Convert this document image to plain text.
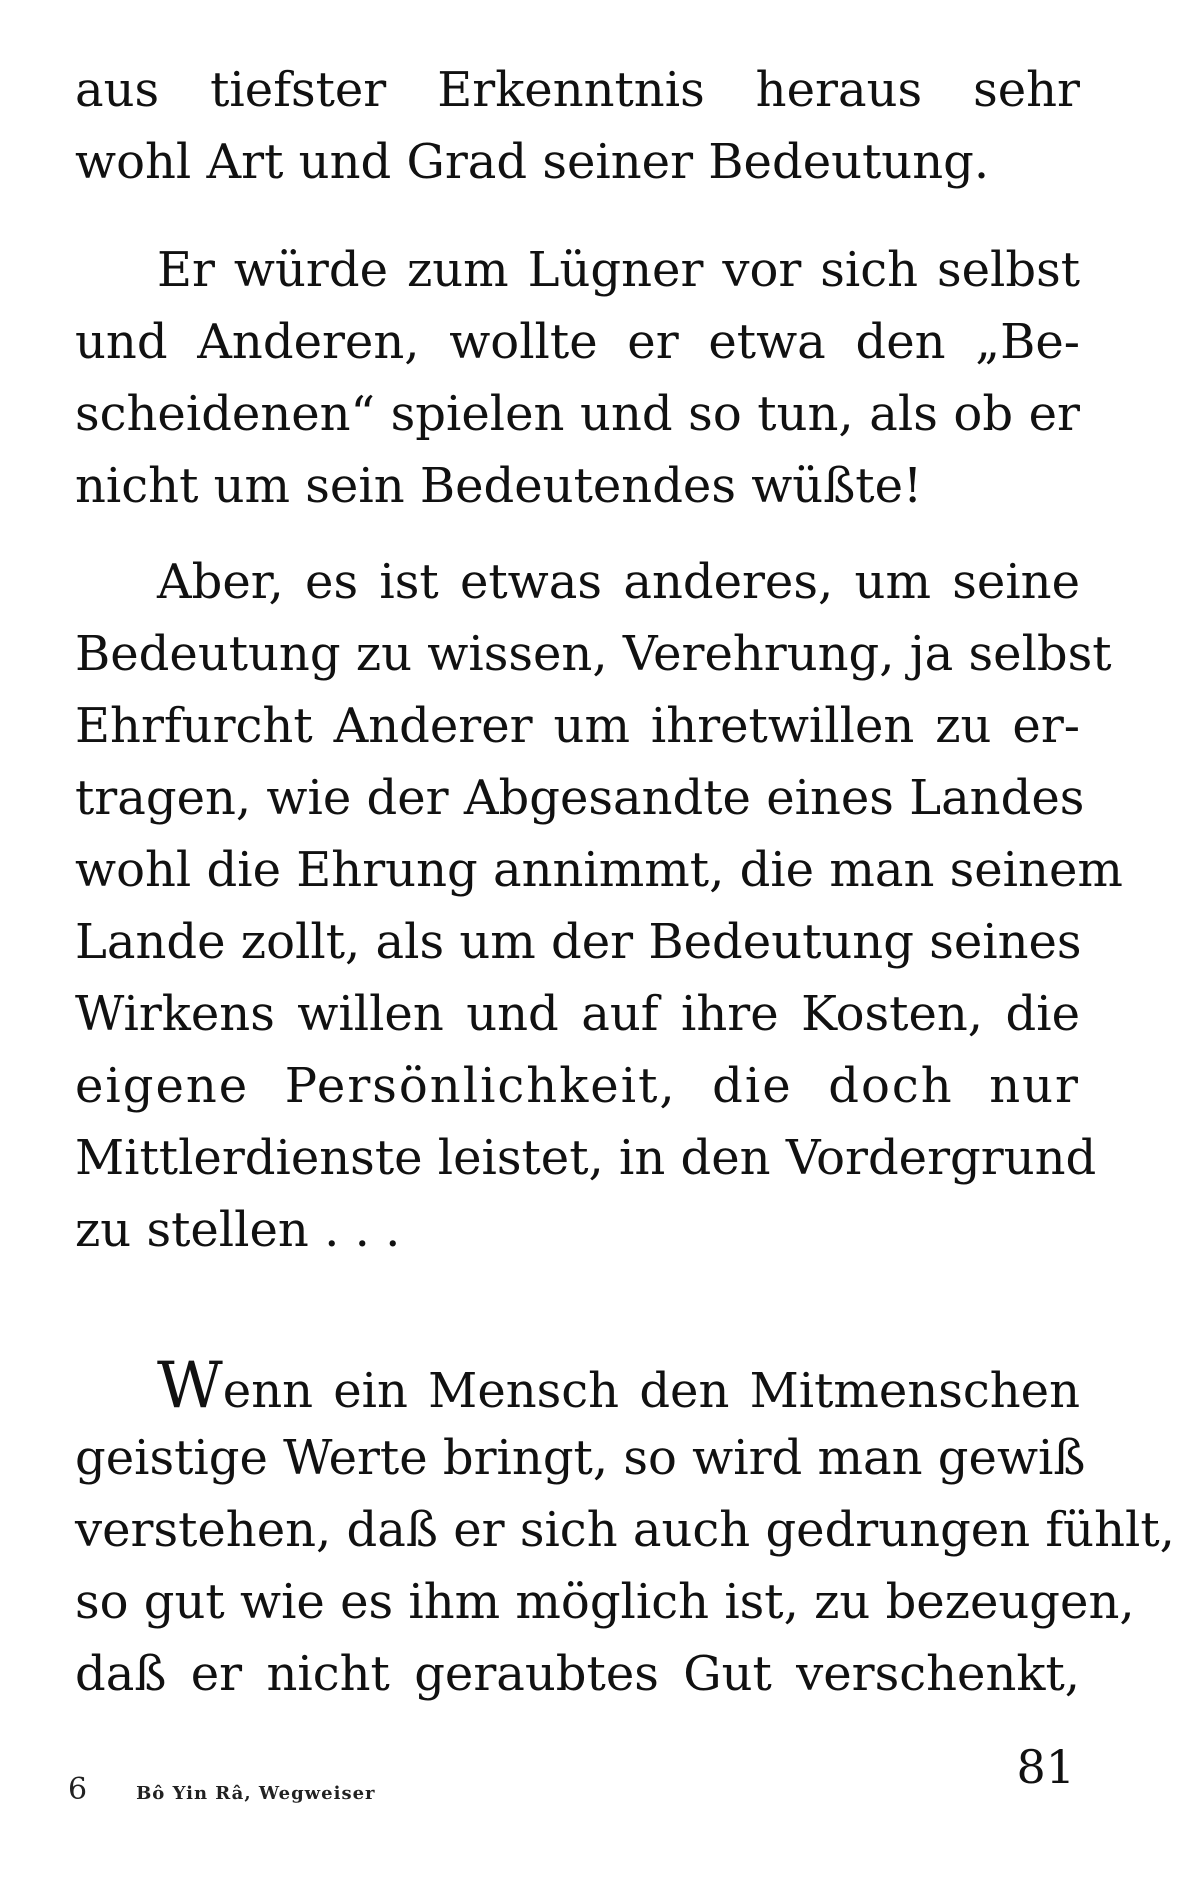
aus tiefster Erkenntnis heraus sehr
wohl Art und Grad seiner Bedeutung.
Er würde zum Lügner vor sich selbst
und Anderen, wollte er etwa den „Be-
scheidenen“ spielen und so tun, als ob er
nicht um sein Bedeutendes wüßte!
Aber, es ist etwas anderes, um seine
Bedeutung zu wissen, Verehrung, ja selbst
Ehrfurcht Anderer um ihretwillen zu er-
tragen, wie der Abgesandte eines Landes
wohl die Ehrung annimmt, die man seinem
Lande zollt, als um der Bedeutung seines
Wirkens willen und auf ihre Kosten, die
eigene Persönlichkeit, die doch nur
Mittlerdienste leistet, in den Vordergrund
zu stellen . . .
Wenn ein Mensch den Mitmenschen
geistige Werte bringt, so wird man gewiß
verstehen, daß er sich auch gedrungen fühlt,
so gut wie es ihm möglich ist, zu bezeugen,
daß er nicht geraubtes Gut verschenkt,
6	Bô Yin Râ, Wegweiser	81
